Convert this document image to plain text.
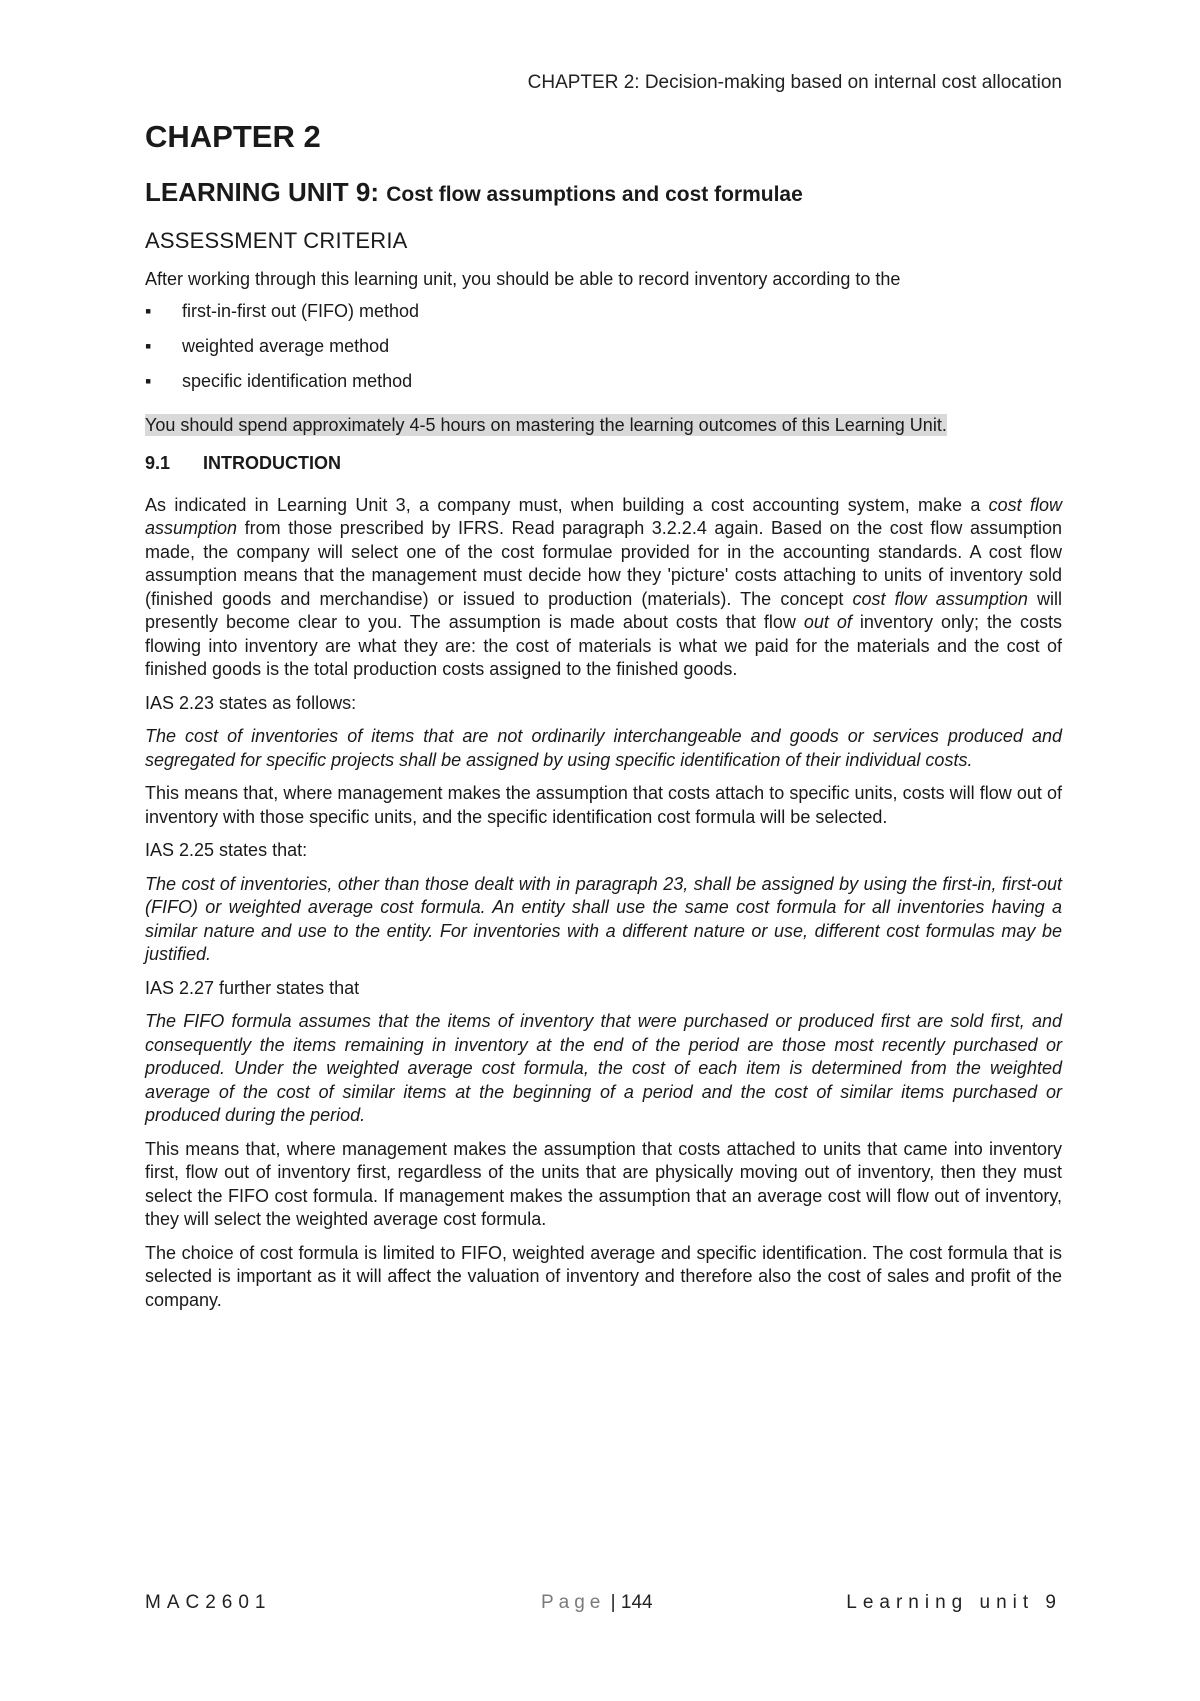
CHAPTER 2: Decision-making based on internal cost allocation
CHAPTER 2
LEARNING UNIT 9: Cost flow assumptions and cost formulae
ASSESSMENT CRITERIA

After working through this learning unit, you should be able to record inventory according to the

▪ first-in-first out (FIFO) method
▪ weighted average method
▪ specific identification method
You should spend approximately 4-5 hours on mastering the learning outcomes of this Learning Unit.
9.1 INTRODUCTION

As indicated in Learning Unit 3, a company must, when building a cost accounting system, make a cost flow assumption from those prescribed by IFRS. Read paragraph 3.2.2.4 again. Based on the cost flow assumption made, the company will select one of the cost formulae provided for in the accounting standards. A cost flow assumption means that the management must decide how they 'picture' costs attaching to units of inventory sold (finished goods and merchandise) or issued to production (materials). The concept cost flow assumption will presently become clear to you. The assumption is made about costs that flow out of inventory only; the costs flowing into inventory are what they are: the cost of materials is what we paid for the materials and the cost of finished goods is the total production costs assigned to the finished goods.

IAS 2.23 states as follows:

The cost of inventories of items that are not ordinarily interchangeable and goods or services produced and segregated for specific projects shall be assigned by using specific identification of their individual costs.

This means that, where management makes the assumption that costs attach to specific units, costs will flow out of inventory with those specific units, and the specific identification cost formula will be selected.

IAS 2.25 states that:

The cost of inventories, other than those dealt with in paragraph 23, shall be assigned by using the first-in, first-out (FIFO) or weighted average cost formula. An entity shall use the same cost formula for all inventories having a similar nature and use to the entity. For inventories with a different nature or use, different cost formulas may be justified.

IAS 2.27 further states that

The FIFO formula assumes that the items of inventory that were purchased or produced first are sold first, and consequently the items remaining in inventory at the end of the period are those most recently purchased or produced. Under the weighted average cost formula, the cost of each item is determined from the weighted average of the cost of similar items at the beginning of a period and the cost of similar items purchased or produced during the period.

This means that, where management makes the assumption that costs attached to units that came into inventory first, flow out of inventory first, regardless of the units that are physically moving out of inventory, then they must select the FIFO cost formula. If management makes the assumption that an average cost will flow out of inventory, they will select the weighted average cost formula.

The choice of cost formula is limited to FIFO, weighted average and specific identification. The cost formula that is selected is important as it will affect the valuation of inventory and therefore also the cost of sales and profit of the company.

MAC2601	Page | 144	Learning unit 9
